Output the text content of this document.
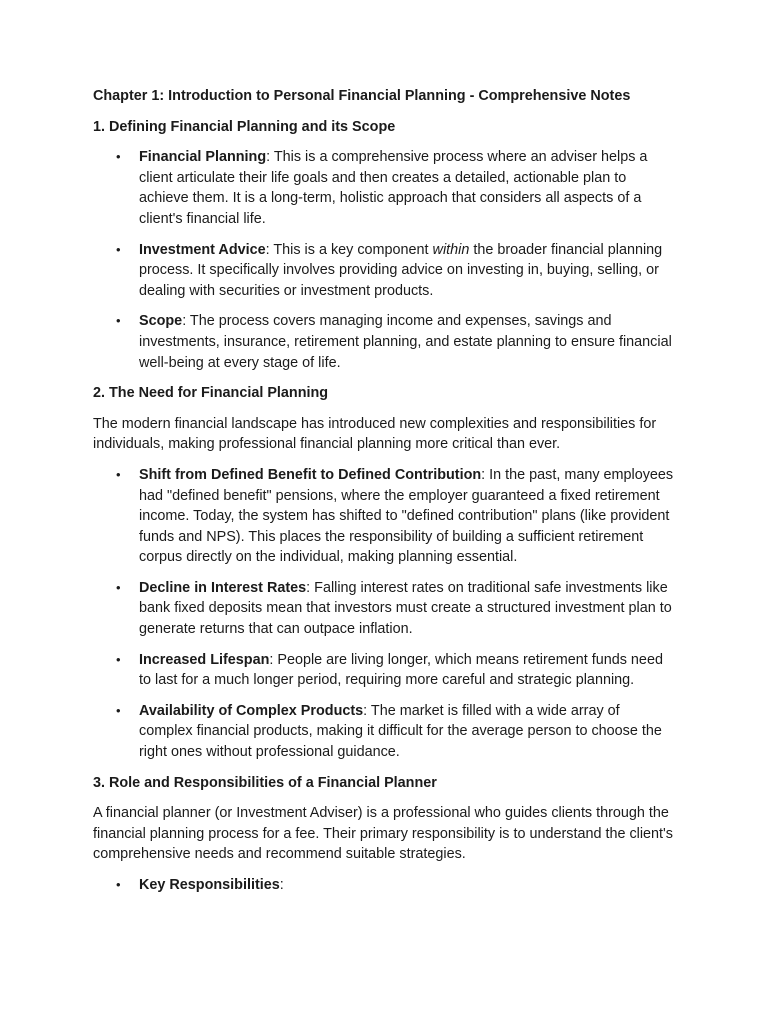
Chapter 1: Introduction to Personal Financial Planning - Comprehensive Notes

1. Defining Financial Planning and its Scope

• Financial Planning: This is a comprehensive process where an adviser helps a client articulate their life goals and then creates a detailed, actionable plan to achieve them. It is a long-term, holistic approach that considers all aspects of a client's financial life.
• Investment Advice: This is a key component within the broader financial planning process. It specifically involves providing advice on investing in, buying, selling, or dealing with securities or investment products.
• Scope: The process covers managing income and expenses, savings and investments, insurance, retirement planning, and estate planning to ensure financial well-being at every stage of life.

2. The Need for Financial Planning

The modern financial landscape has introduced new complexities and responsibilities for individuals, making professional financial planning more critical than ever.

• Shift from Defined Benefit to Defined Contribution: In the past, many employees had "defined benefit" pensions, where the employer guaranteed a fixed retirement income. Today, the system has shifted to "defined contribution" plans (like provident funds and NPS). This places the responsibility of building a sufficient retirement corpus directly on the individual, making planning essential.
• Decline in Interest Rates: Falling interest rates on traditional safe investments like bank fixed deposits mean that investors must create a structured investment plan to generate returns that can outpace inflation.
• Increased Lifespan: People are living longer, which means retirement funds need to last for a much longer period, requiring more careful and strategic planning.
• Availability of Complex Products: The market is filled with a wide array of complex financial products, making it difficult for the average person to choose the right ones without professional guidance.

3. Role and Responsibilities of a Financial Planner

A financial planner (or Investment Adviser) is a professional who guides clients through the financial planning process for a fee. Their primary responsibility is to understand the client's comprehensive needs and recommend suitable strategies.

• Key Responsibilities:
